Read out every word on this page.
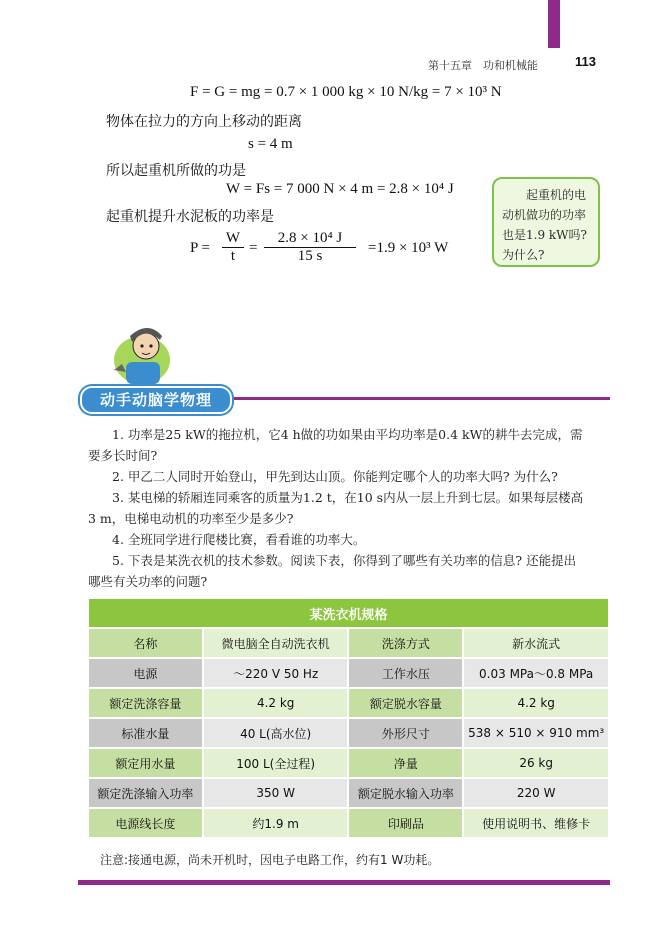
第十五章　功和机械能	113
F = G = mg = 0.7 × 1 000 kg × 10 N/kg = 7 × 10³ N
物体在拉力的方向上移动的距离
s = 4 m
所以起重机所做的功是
W = Fs = 7 000 N × 4 m = 2.8 × 10⁴ J
起重机提升水泥板的功率是
$P = \frac{W}{t} = \frac{\text{2.8 × 10⁴ J}}{15 s} =1.9 \times 10^3$ W
起重机的电
动机做功的功率
也是1.9 kW吗?
为什么?
动手动脑学物理

1. 功率是25 kW的拖拉机，它4 h做的功如果由平均功率是0.4 kW的耕牛去完成，需

要多长时间?

2. 甲乙二人同时开始登山，甲先到达山顶。你能判定哪个人的功率大吗? 为什么?

3. 某电梯的轿厢连同乘客的质量为1.2 t，在10 s内从一层上升到七层。如果每层楼高

3 m，电梯电动机的功率至少是多少?

4. 全班同学进行爬楼比赛，看看谁的功率大。

5. 下表是某洗衣机的技术参数。阅读下表，你得到了哪些有关功率的信息? 还能提出

哪些有关功率的问题?

某洗衣机规格			
名称	微电脑全自动洗衣机	洗涤方式	新水流式
电源	～220 V 50 Hz	工作水压	0.03 MPa～0.8 MPa
额定洗涤容量	4.2 kg	额定脱水容量	4.2 kg
标准水量	40 L(高水位)	外形尺寸	538 × 510 × 910 mm³
额定用水量	100 L(全过程)	净量	26 kg
额定洗涤输入功率	350 W	额定脱水输入功率	220 W
电源线长度	约1.9 m	印刷品	使用说明书、维修卡
注意:接通电源，尚未开机时，因电子电路工作，约有1 W功耗。
